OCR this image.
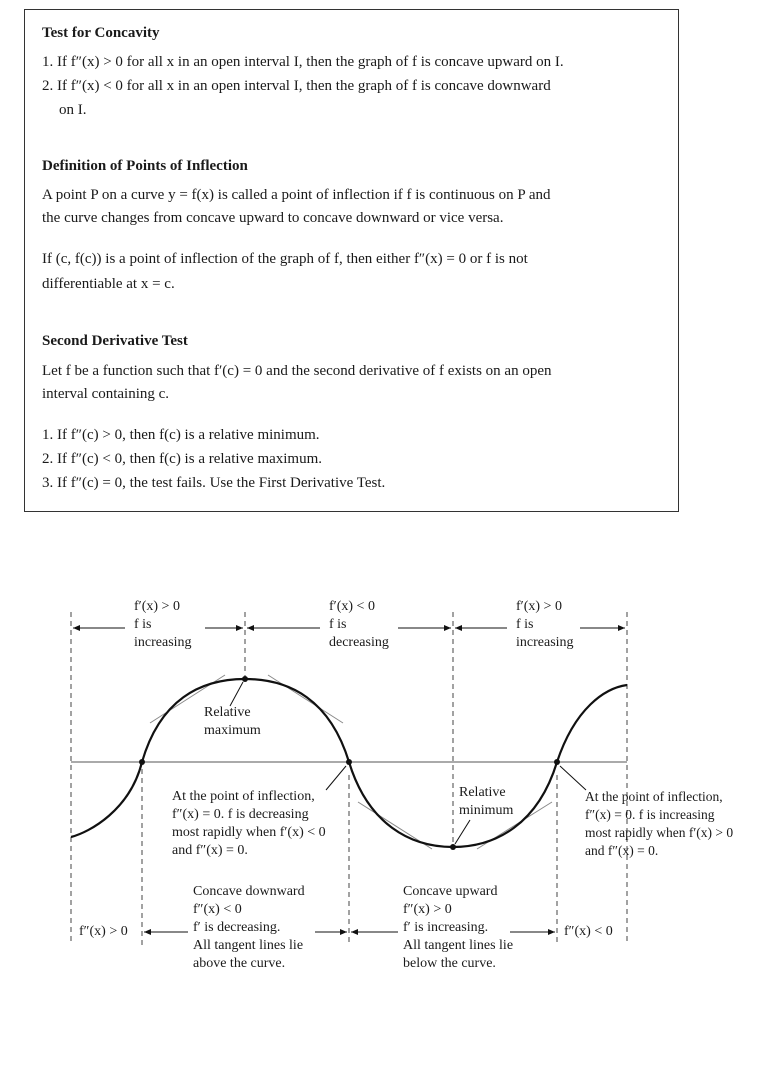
Test for Concavity
1. If f″(x) > 0 for all x in an open interval I, then the graph of f is concave upward on I.
2. If f″(x) < 0 for all x in an open interval I, then the graph of f is concave downward
on I.
Definition of Points of Inflection
A point P on a curve y = f(x) is called a point of inflection if f is continuous on P and
the curve changes from concave upward to concave downward or vice versa.
If (c, f(c)) is a point of inflection of the graph of f, then either f″(x) = 0 or f is not
differentiable at x = c.
Second Derivative Test
Let f be a function such that f′(c) = 0 and the second derivative of f exists on an open
interval containing c.
1. If f″(c) > 0, then f(c) is a relative minimum.
2. If f″(c) < 0, then f(c) is a relative maximum.
3. If f″(c) = 0, the test fails. Use the First Derivative Test.
f′(x) > 0
f is
increasing
f′(x) < 0
f is
decreasing
f′(x) > 0
f is
increasing
Relative
maximum
Relative
minimum
At the point of inflection,
f″(x) = 0. f is decreasing
most rapidly when f′(x) < 0
and f″(x) = 0.
At the point of inflection,
f″(x) = 0. f is increasing
most rapidly when f′(x) > 0
and f″(x) = 0.
Concave downward
f″(x) < 0
f′ is decreasing.
All tangent lines lie
above the curve.
Concave upward
f″(x) > 0
f′ is increasing.
All tangent lines lie
below the curve.
f″(x) > 0	f″(x) < 0
